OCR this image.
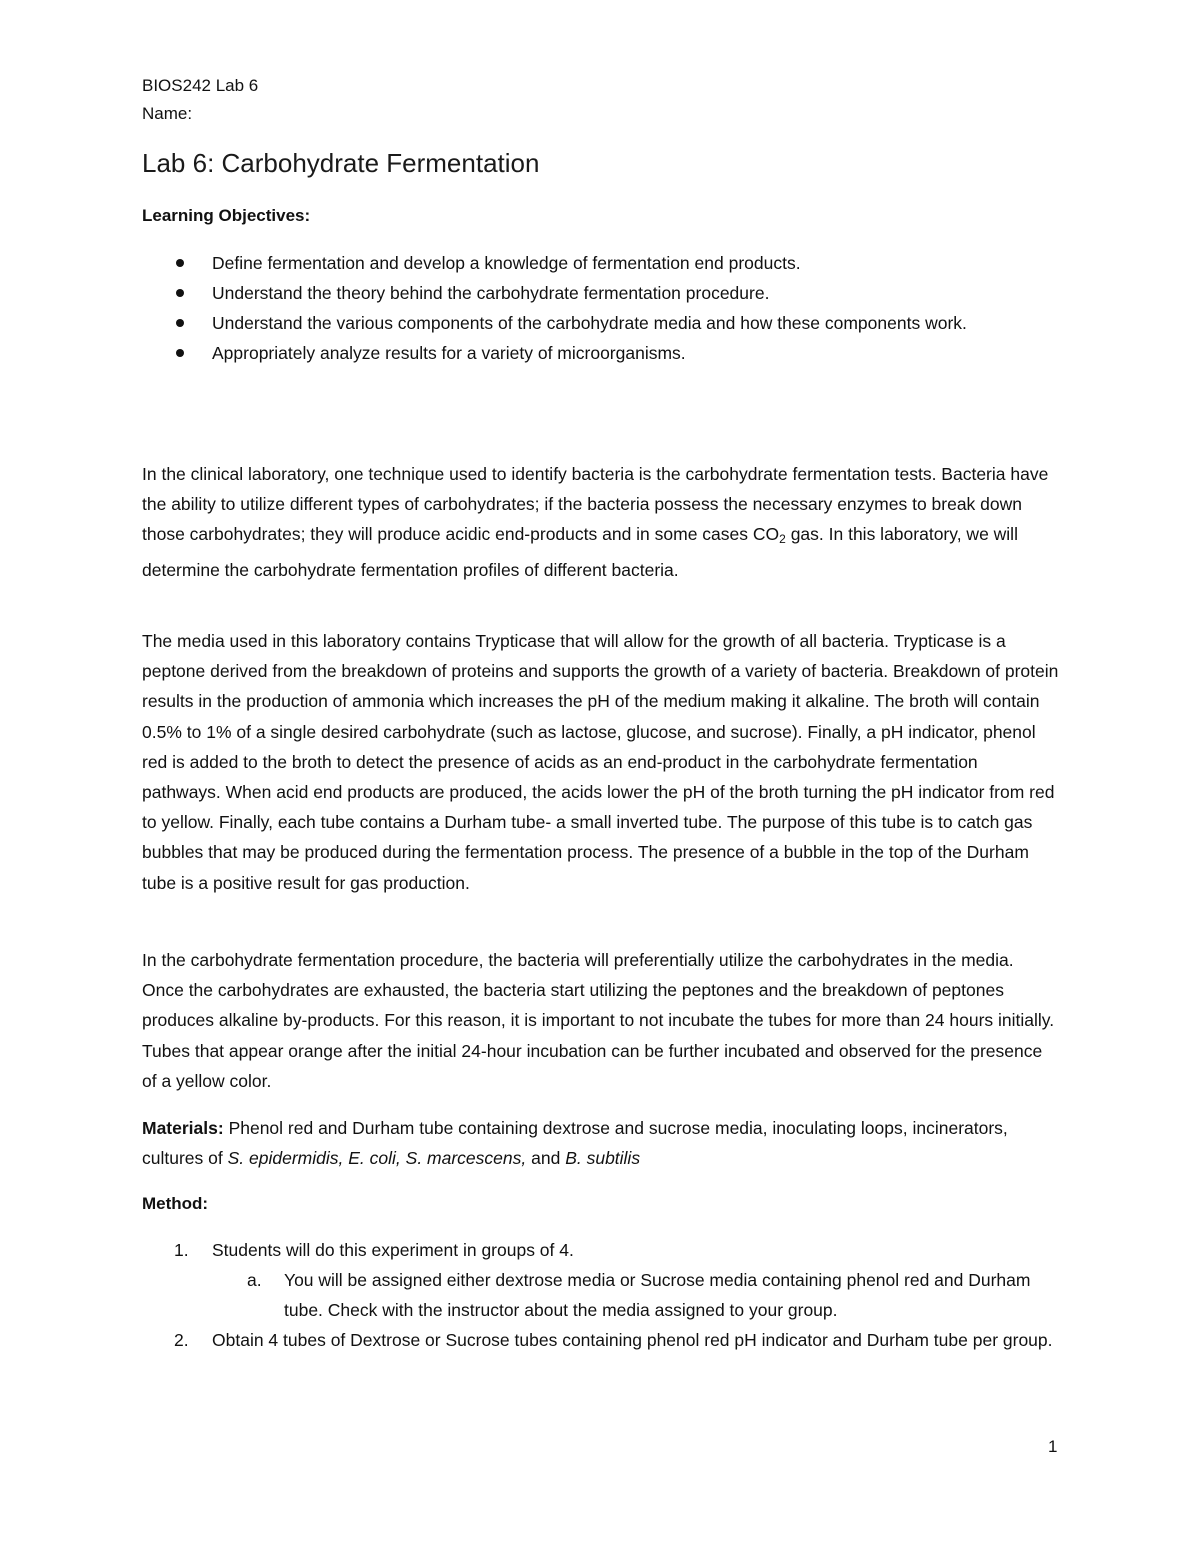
BIOS242 Lab 6
Name:
Lab 6: Carbohydrate Fermentation
Learning Objectives:
Define fermentation and develop a knowledge of fermentation end products.
Understand the theory behind the carbohydrate fermentation procedure.
Understand the various components of the carbohydrate media and how these components work.
Appropriately analyze results for a variety of microorganisms.

In the clinical laboratory, one technique used to identify bacteria is the carbohydrate fermentation tests. Bacteria have the ability to utilize different types of carbohydrates; if the bacteria possess the necessary enzymes to break down those carbohydrates; they will produce acidic end-products and in some cases $CO_2$ gas. In this laboratory, we will determine the carbohydrate fermentation profiles of different bacteria.

The media used in this laboratory contains Trypticase that will allow for the growth of all bacteria. Trypticase is a peptone derived from the breakdown of proteins and supports the growth of a variety of bacteria. Breakdown of protein results in the production of ammonia which increases the pH of the medium making it alkaline. The broth will contain 0.5% to 1% of a single desired carbohydrate (such as lactose, glucose, and sucrose). Finally, a pH indicator, phenol red is added to the broth to detect the presence of acids as an end-product in the carbohydrate fermentation pathways. When acid end products are produced, the acids lower the pH of the broth turning the pH indicator from red to yellow. Finally, each tube contains a Durham tube- a small inverted tube. The purpose of this tube is to catch gas bubbles that may be produced during the fermentation process. The presence of a bubble in the top of the Durham tube is a positive result for gas production.

In the carbohydrate fermentation procedure, the bacteria will preferentially utilize the carbohydrates in the media. Once the carbohydrates are exhausted, the bacteria start utilizing the peptones and the breakdown of peptones produces alkaline by-products. For this reason, it is important to not incubate the tubes for more than 24 hours initially. Tubes that appear orange after the initial 24-hour incubation can be further incubated and observed for the presence of a yellow color.

Materials: Phenol red and Durham tube containing dextrose and sucrose media, inoculating loops, incinerators, cultures of S. epidermidis, E. coli, S. marcescens, and B. subtilis

Method:
1. Students will do this experiment in groups of 4.
a. You will be assigned either dextrose media or Sucrose media containing phenol red and Durham tube. Check with the instructor about the media assigned to your group.
2. Obtain 4 tubes of Dextrose or Sucrose tubes containing phenol red pH indicator and Durham tube per group.
1
